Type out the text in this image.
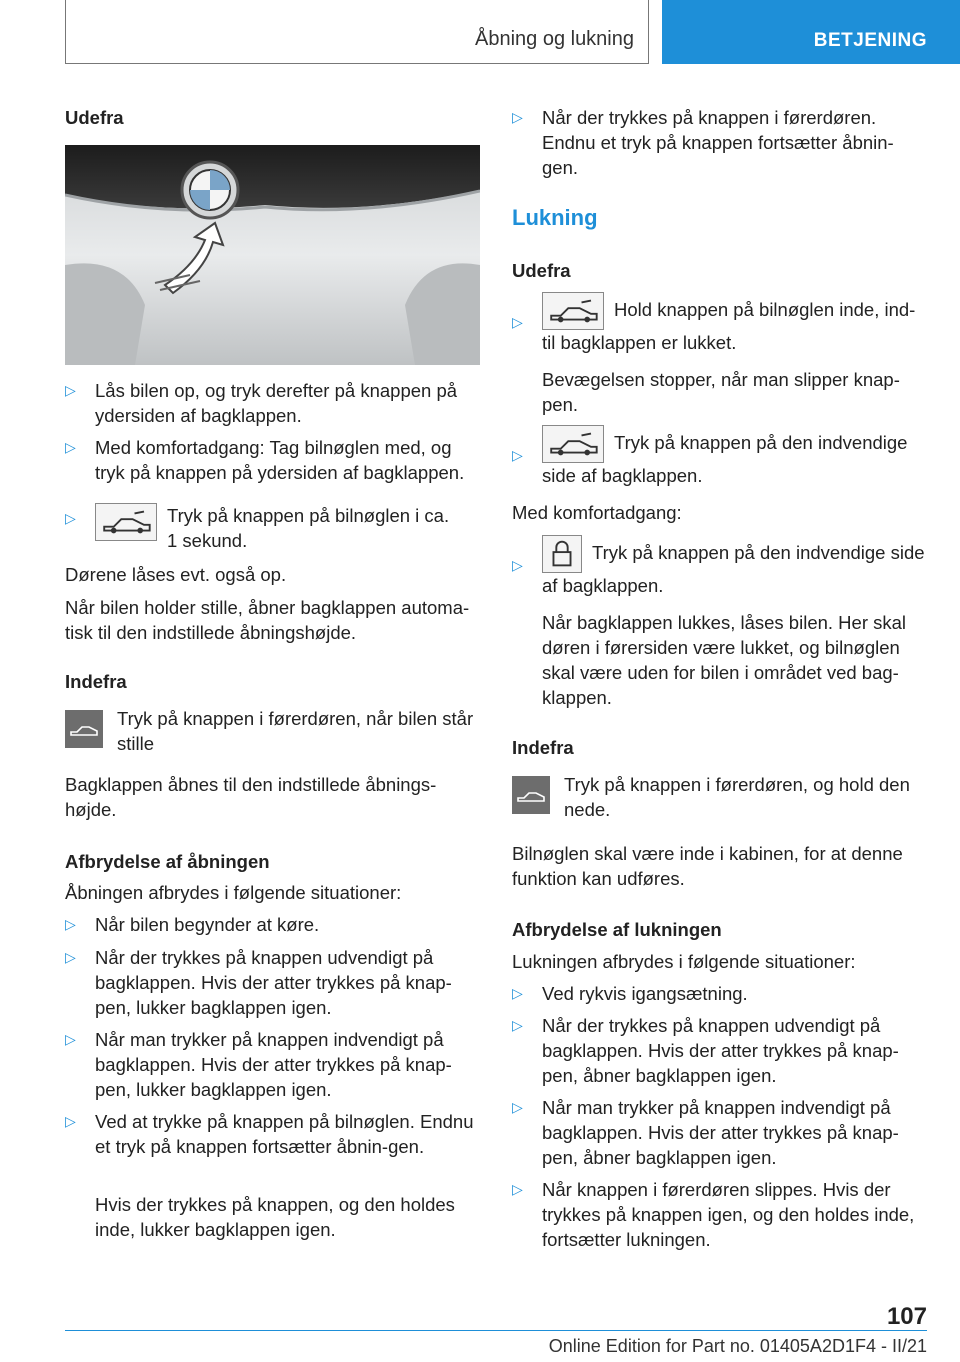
Åbning og lukning	BETJENING
Udefra
▷ Lås bilen op, og tryk derefter på knappen på ydersiden af bagklappen.
▷ Med komfortadgang: Tag bilnøglen med, og tryk på knappen på ydersiden af bagklappen.
▷	Tryk på knappen på bilnøglen i ca. 1 sekund.
Dørene låses evt. også op.
Når bilen holder stille, åbner bagklappen automa-tisk til den indstillede åbningshøjde.
Indefra
Tryk på knappen i førerdøren, når bilen står stille
Bagklappen åbnes til den indstillede åbnings-højde.
Afbrydelse af åbningen
Åbningen afbrydes i følgende situationer:
▷ Når bilen begynder at køre.
▷ Når der trykkes på knappen udvendigt på bagklappen. Hvis der atter trykkes på knap-pen, lukker bagklappen igen.
▷ Når man trykker på knappen indvendigt på bagklappen. Hvis der atter trykkes på knap-pen, lukker bagklappen igen.
▷ Ved at trykke på knappen på bilnøglen. Endnu et tryk på knappen fortsætter åbnin-gen.
Hvis der trykkes på knappen, og den holdes inde, lukker bagklappen igen.
▷ Når der trykkes på knappen i førerdøren. Endnu et tryk på knappen fortsætter åbnin-gen.
Lukning
Udefra
▷
Hold knappen på bilnøglen inde, ind-til bagklappen er lukket.
Bevægelsen stopper, når man slipper knap-pen.
▷
Tryk på knappen på den indvendige side af bagklappen.
Med komfortadgang:
▷
Tryk på knappen på den indvendige side af bagklappen.
Når bagklappen lukkes, låses bilen. Her skal døren i førersiden være lukket, og bilnøglen skal være uden for bilen i området ved bag-klappen.
Indefra
Tryk på knappen i førerdøren, og hold den nede.
Bilnøglen skal være inde i kabinen, for at denne funktion kan udføres.
Afbrydelse af lukningen
Lukningen afbrydes i følgende situationer:
▷ Ved rykvis igangsætning.
▷ Når der trykkes på knappen udvendigt på bagklappen. Hvis der atter trykkes på knap-pen, åbner bagklappen igen.
▷ Når man trykker på knappen indvendigt på bagklappen. Hvis der atter trykkes på knap-pen, åbner bagklappen igen.
▷ Når knappen i førerdøren slippes. Hvis der trykkes på knappen igen, og den holdes inde, fortsætter lukningen.
107
Online Edition for Part no. 01405A2D1F4 - II/21
